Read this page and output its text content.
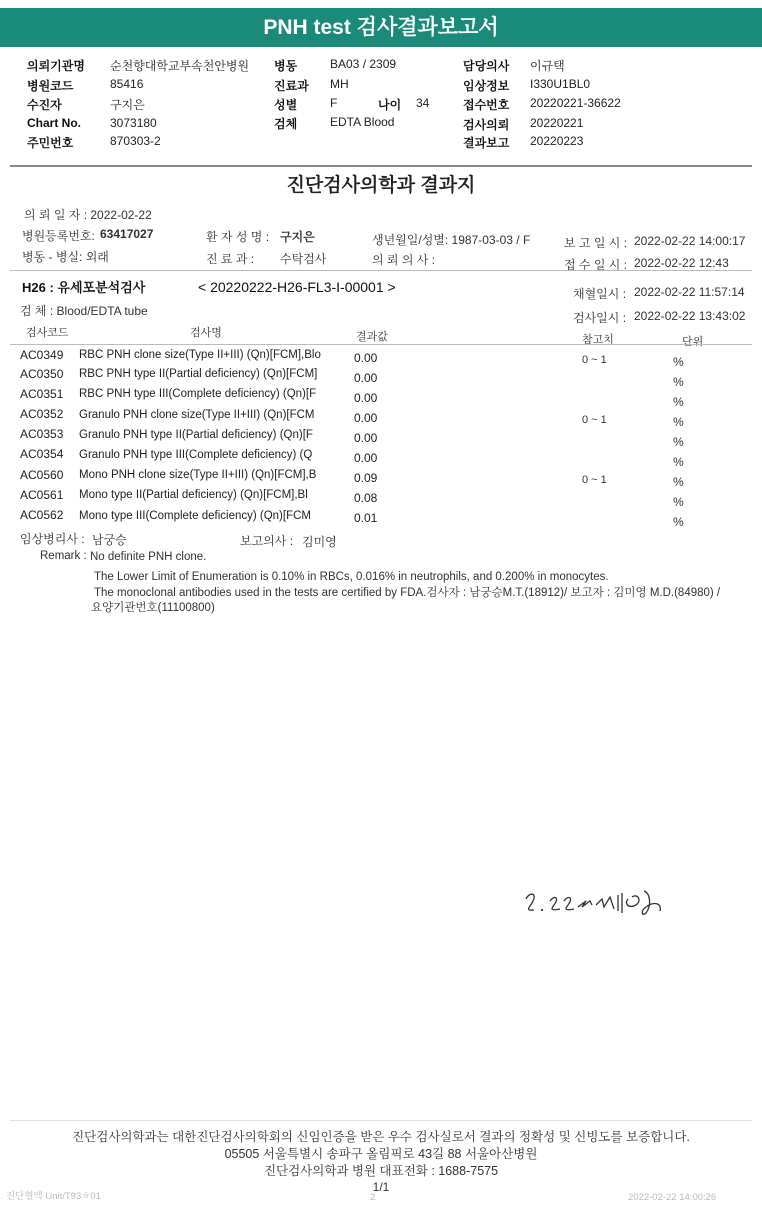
PNH test 검사결과보고서
의뢰기관명 순천향대학교부속천안병원
병원코드	85416
수진자	구지은
Chart No. 3073180
주민번호	870303-2
병동	BA03 / 2309
진료과 MH
성별	F	나이 34
검체	EDTA Blood
담당의사 이규택
임상정보 I330U1BL0
접수번호 20220221-36622
검사의뢰 20220221
결과보고 20220223
진단검사의학과 결과지
의 뢰 일 자 : 2022-02-22
병원등록번호: 63417027	환 자 성 명 : 구지은	생년월일/성별: 1987-03-03 / F	보 고 일 시 : 2022-02-22 14:00:17
병동 - 병실: 외래	진 료 과 : 수탁검사	의 뢰 의 사 :	접 수 일 시 : 2022-02-22 12:43
H26 : 유세포분석검사	< 20220222-H26-FL3-I-00001 >	채혈일시 : 2022-02-22 11:57:14
검 체 : Blood/EDTA tube	검사일시 : 2022-02-22 13:43:02
검사코드	검사명	결과값	참고치	단위
AC0349 RBC PNH clone size(Type II+III) (Qn)[FCM],Blo	0.00	0 ~ 1	%
AC0350 RBC PNH type II(Partial deficiency) (Qn)[FCM]	0.00	%
AC0351 RBC PNH type III(Complete deficiency) (Qn)[F	0.00	%
AC0352 Granulo PNH clone size(Type II+III) (Qn)[FCM	0.00	0 ~ 1	%
AC0353 Granulo PNH type II(Partial deficiency) (Qn)[F	0.00	%
AC0354 Granulo PNH type III(Complete deficiency) (Q	0.00	%
AC0560 Mono PNH clone size(Type II+III) (Qn)[FCM],B	0.09	0 ~ 1	%
AC0561 Mono type II(Partial deficiency) (Qn)[FCM],Bl	0.08	%
AC0562 Mono type III(Complete deficiency) (Qn)[FCM	0.01	%
임상병리사 : 남궁승	보고의사 : 김미영
Remark : No definite PNH clone.
The Lower Limit of Enumeration is 0.10% in RBCs, 0.016% in neutrophils, and 0.200% in monocytes.
The monoclonal antibodies used in the tests are certified by FDA.검사자 : 남궁승M.T.(18912)/ 보고자 : 김미영 M.D.(84980) /
요양기관번호(11100800)
진단검사의학과는 대한진단검사의학회의 신임인증을 받은 우수 검사실로서 결과의 정확성 및 신빙도를 보증합니다.
05505 서울특별시 송파구 올림픽로 43길 88 서울아산병원
진단검사의학과 병원 대표전화 : 1688-7575
1/1
진단혈액 Unit/T93ㅎ01	2	2022-02-22 14:00:26
